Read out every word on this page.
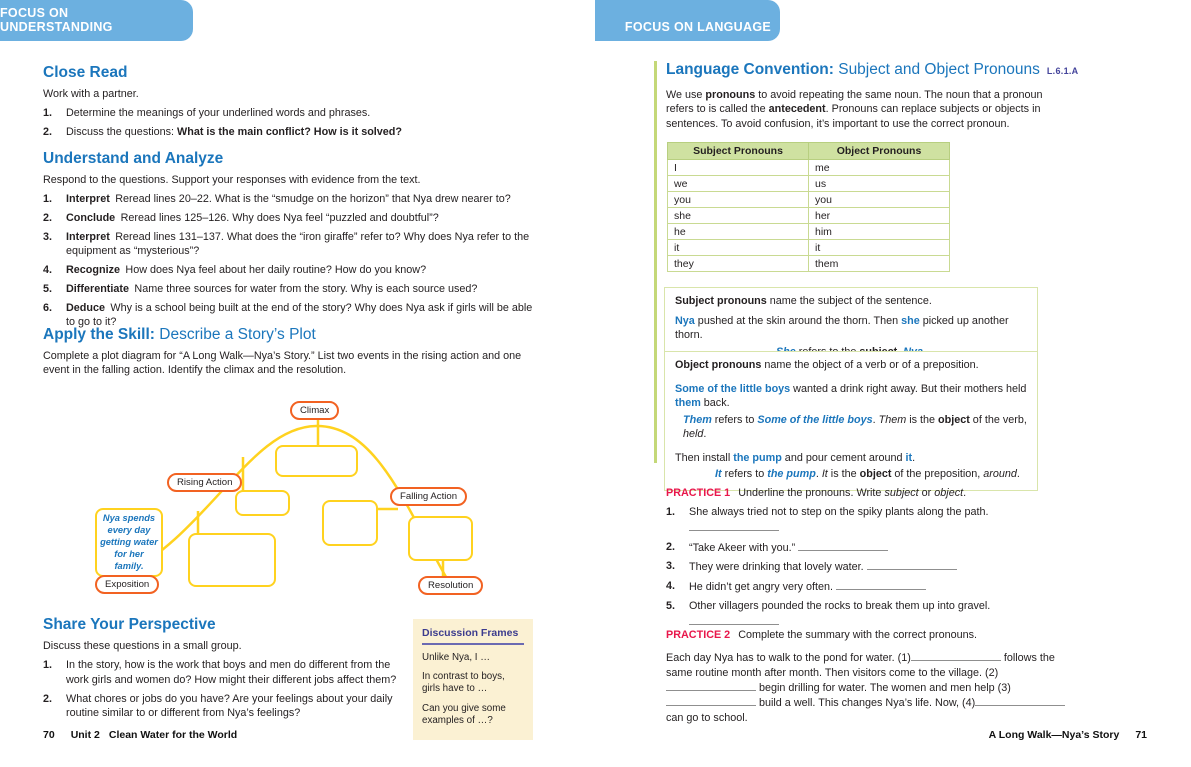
FOCUS ON UNDERSTANDING
Close Read

Work with a partner.

1.	Determine the meanings of your underlined words and phrases.
2.	Discuss the questions: What is the main conflict? How is it solved?
Understand and Analyze

Respond to the questions. Support your responses with evidence from the text.

1.	Interpret Reread lines 20–22. What is the “smudge on the horizon” that Nya drew nearer to?
2.	Conclude Reread lines 125–126. Why does Nya feel “puzzled and doubtful”?
3.	Interpret Reread lines 131–137. What does the “iron giraffe” refer to? Why does Nya refer to the equipment as “mysterious”?
4.	Recognize How does Nya feel about her daily routine? How do you know?
5.	Differentiate Name three sources for water from the story. Why is each source used?
6.	Deduce Why is a school being built at the end of the story? Why does Nya ask if girls will be able to go to it?
Apply the Skill: Describe a Story’s Plot

Complete a plot diagram for “A Long Walk—Nya’s Story.” List two events in the rising action and one event in the falling action. Identify the climax and the resolution.

Nya spends every day getting water for her family.
Climax
Rising Action
Falling Action
Exposition	Resolution
Share Your Perspective

Discuss these questions in a small group.

1.	In the story, how is the work that boys and men do different from the work girls and women do? How might their different jobs affect them?
2.	What chores or jobs do you have? Are your feelings about your daily routine similar to or different from Nya’s feelings?
Discussion Frames
Unlike Nya, I …
In contrast to boys, girls have to …
Can you give some examples of …?
70 Unit 2 Clean Water for the World
FOCUS ON LANGUAGE
Language Convention: Subject and Object Pronouns L.6.1.A

We use pronouns to avoid repeating the same noun. The noun that a pronoun refers to is called the antecedent. Pronouns can replace subjects or objects in sentences. To avoid confusion, it’s important to use the correct pronoun.

Subject Pronouns	Object Pronouns
I	me
we	us
you	you
she	her
he	him
it	it
they	them
Subject pronouns name the subject of the sentence.
Nya pushed at the skin around the thorn. Then she picked up another thorn.
Object pronouns name the object of a verb or of a preposition.
Some of the little boys wanted a drink right away. But their mothers held them back.
Them refers to Some of the little boys. Them is the object of the verb, held.
Then install the pump and pour cement around it.
It refers to the pump. It is the object of the preposition, around.

PRACTICE 1 Underline the pronouns. Write subject or object.

1.	She always tried not to step on the spiky plants along the path.

2.	“Take Akeer with you.”
3.	They were drinking that lovely water.
4.	He didn’t get angry very often.
5.	Other villagers pounded the rocks to break them up into gravel.

PRACTICE 2 Complete the summary with the correct pronouns.

Each day Nya has to walk to the pond for water. (1)	follows the same routine month after month. Then visitors come to the village. (2) begin drilling for water. The women and men help (3) build a well. This changes Nya’s life. Now, (4) can go to school.

A Long Walk—Nya’s Story 71
